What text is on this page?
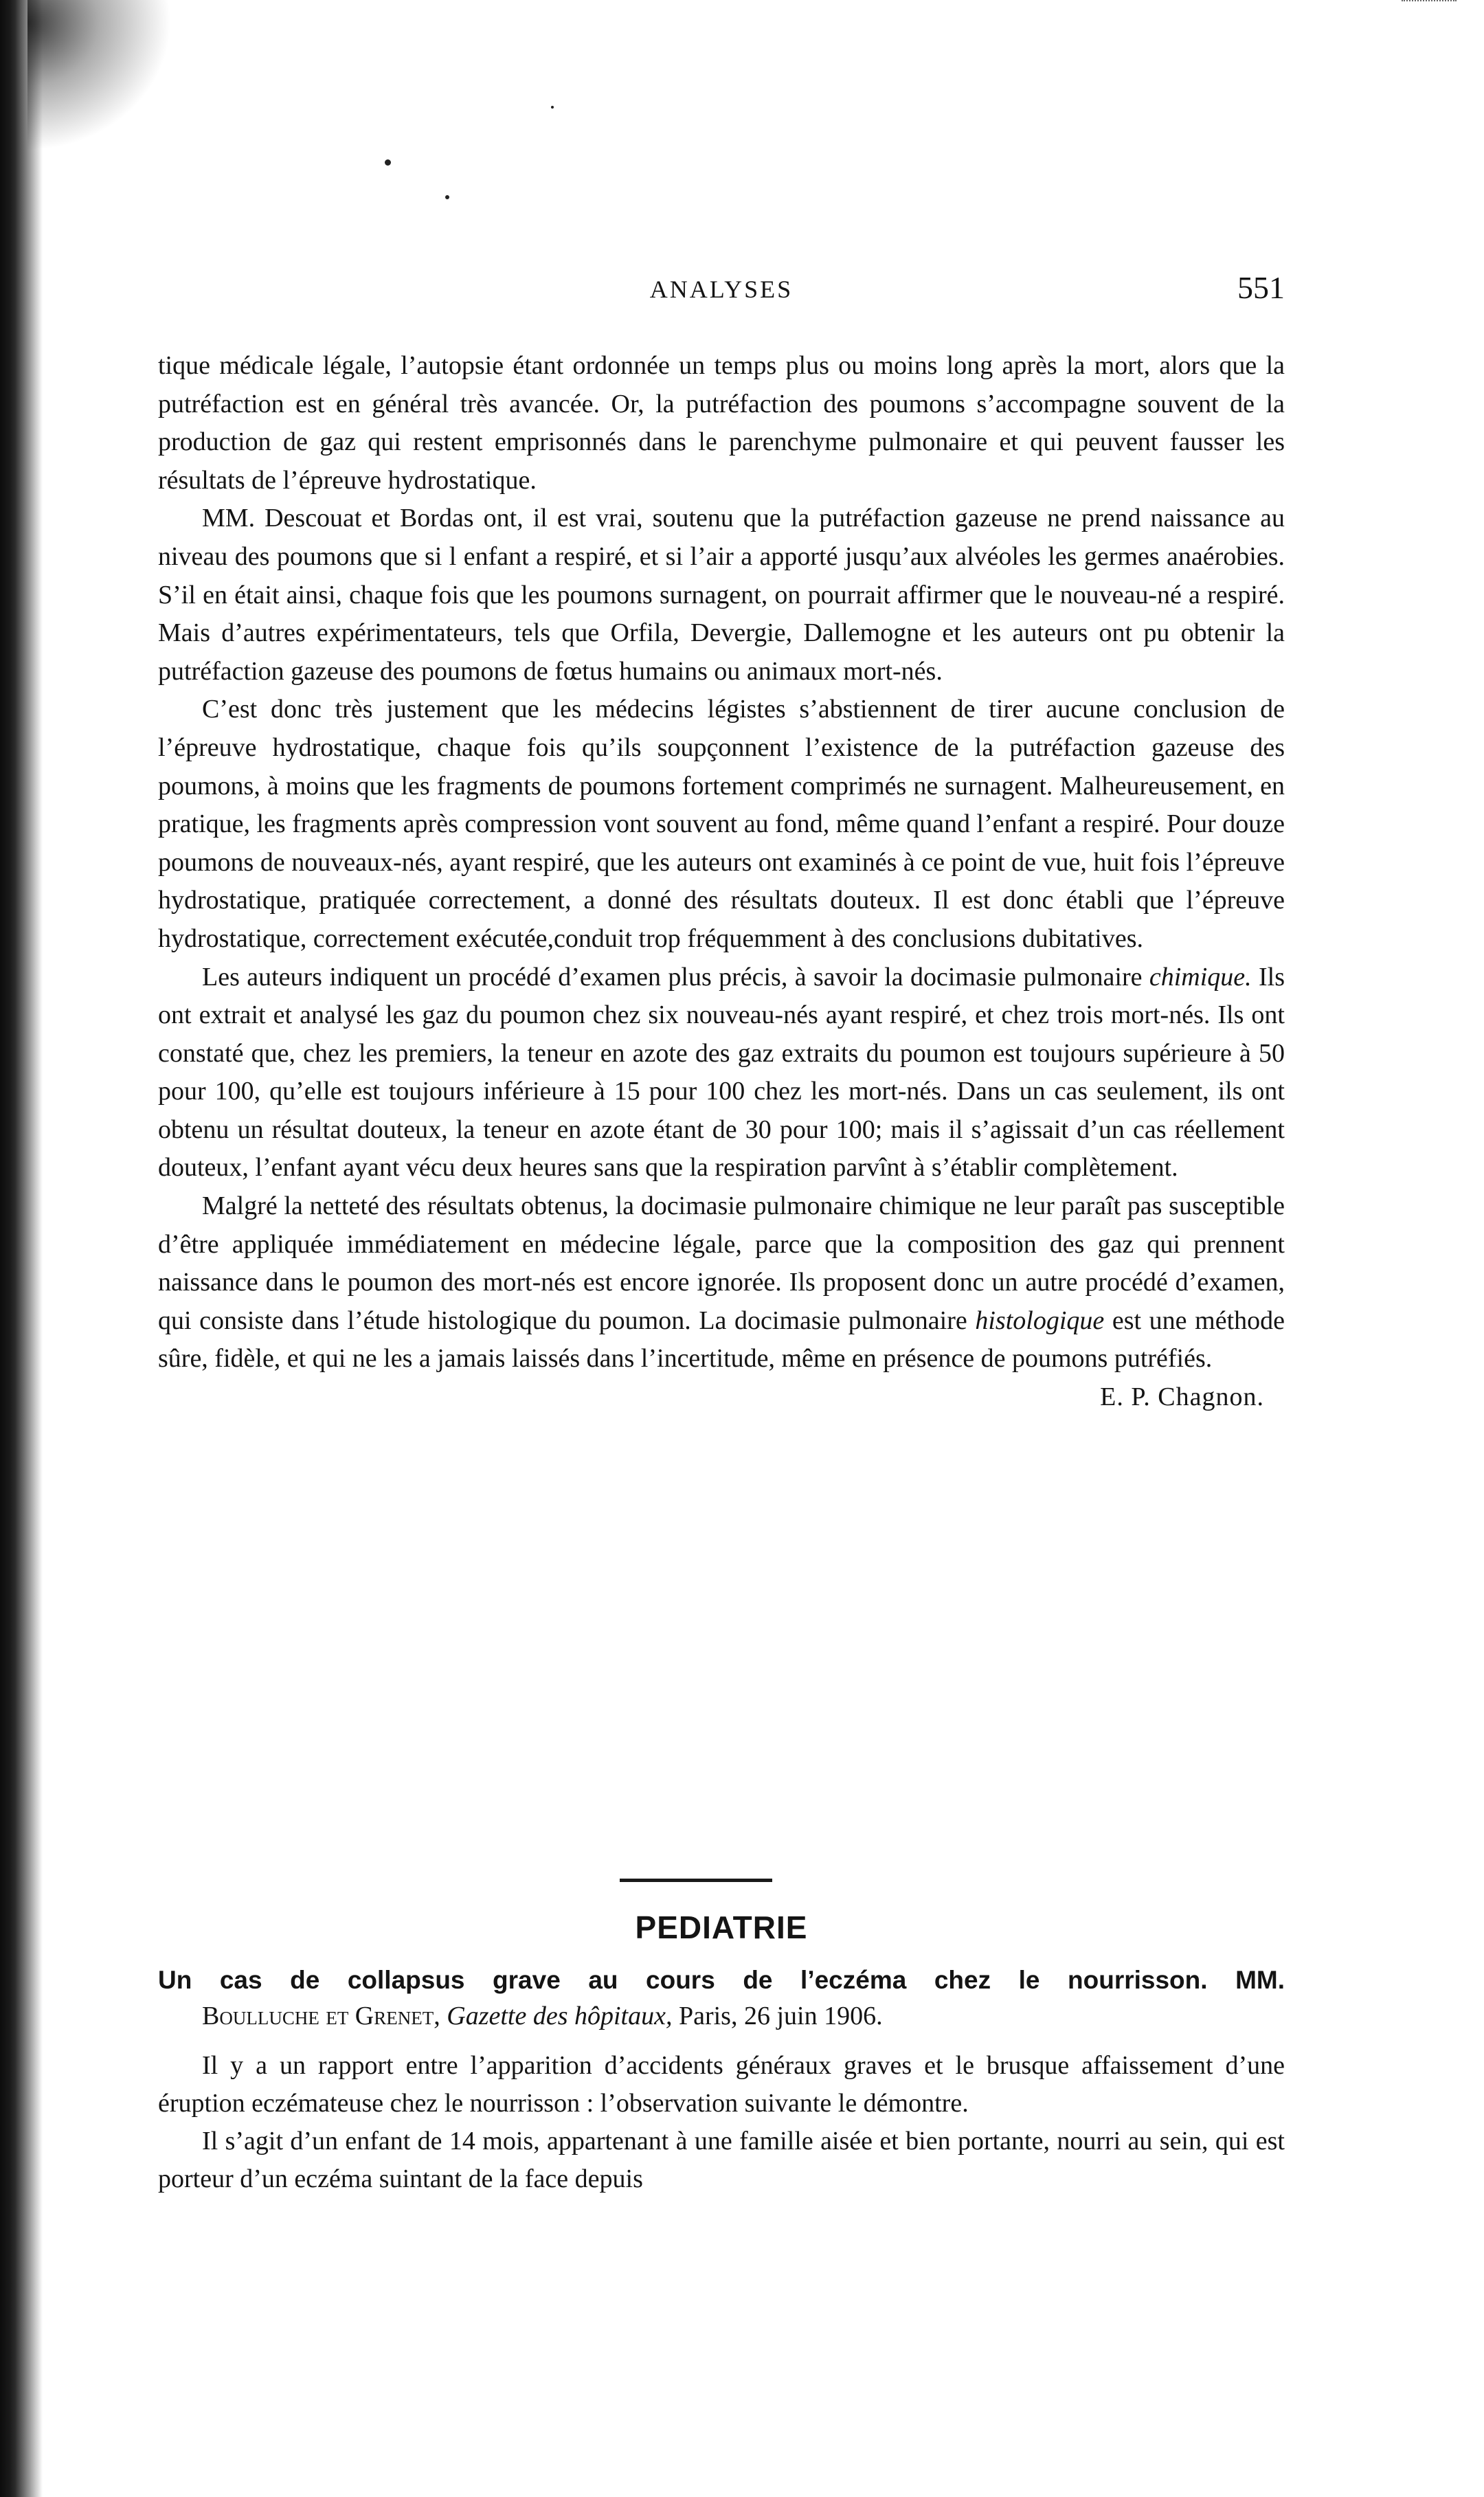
ANALYSES	551

tique médicale légale, l’autopsie étant ordonnée un temps plus ou moins long après la mort, alors que la putréfaction est en général très avancée. Or, la putréfaction des poumons s’accompagne souvent de la production de gaz qui restent emprisonnés dans le parenchyme pulmonaire et qui peuvent fausser les résultats de l’épreuve hydrostatique.

MM. Descouat et Bordas ont, il est vrai, soutenu que la putréfaction gazeuse ne prend naissance au niveau des poumons que si l enfant a respiré, et si l’air a apporté jusqu’aux alvéoles les germes anaérobies. S’il en était ainsi, chaque fois que les poumons surnagent, on pourrait affirmer que le nouveau-né a respiré. Mais d’autres expérimentateurs, tels que Orfila, Devergie, Dallemogne et les auteurs ont pu obtenir la putréfaction gazeuse des poumons de fœtus humains ou animaux mort-nés.

C’est donc très justement que les médecins légistes s’abstiennent de tirer aucune conclusion de l’épreuve hydrostatique, chaque fois qu’ils soupçonnent l’existence de la putréfaction gazeuse des poumons, à moins que les fragments de poumons fortement comprimés ne surnagent. Malheureusement, en pratique, les fragments après compression vont souvent au fond, même quand l’enfant a respiré. Pour douze poumons de nouveaux-nés, ayant respiré, que les auteurs ont examinés à ce point de vue, huit fois l’épreuve hydrostatique, pratiquée correctement, a donné des résultats douteux. Il est donc établi que l’épreuve hydrostatique, correctement exécutée,conduit trop fréquemment à des conclusions dubitatives.

Les auteurs indiquent un procédé d’examen plus précis, à savoir la docimasie pulmonaire chimique. Ils ont extrait et analysé les gaz du poumon chez six nouveau-nés ayant respiré, et chez trois mort-nés. Ils ont constaté que, chez les premiers, la teneur en azote des gaz extraits du poumon est toujours supérieure à 50 pour 100, qu’elle est toujours inférieure à 15 pour 100 chez les mort-nés. Dans un cas seulement, ils ont obtenu un résultat douteux, la teneur en azote étant de 30 pour 100; mais il s’agissait d’un cas réellement douteux, l’enfant ayant vécu deux heures sans que la respiration parvînt à s’établir complètement.

Malgré la netteté des résultats obtenus, la docimasie pulmonaire chimique ne leur paraît pas susceptible d’être appliquée immédiatement en médecine légale, parce que la composition des gaz qui prennent naissance dans le poumon des mort-nés est encore ignorée. Ils proposent donc un autre procédé d’examen, qui consiste dans l’étude histologique du poumon. La docimasie pulmonaire histologique est une méthode sûre, fidèle, et qui ne les a jamais laissés dans l’incertitude, même en présence de poumons putréfiés.

E. P. Chagnon.

PEDIATRIE

Un cas de collapsus grave au cours de l’eczéma chez le nourrisson. MM.

Boulluche et Grenet, Gazette des hôpitaux, Paris, 26 juin 1906.

Il y a un rapport entre l’apparition d’accidents généraux graves et le brusque affaissement d’une éruption eczémateuse chez le nourrisson : l’observation suivante le démontre.

Il s’agit d’un enfant de 14 mois, appartenant à une famille aisée et bien portante, nourri au sein, qui est porteur d’un eczéma suintant de la face depuis
